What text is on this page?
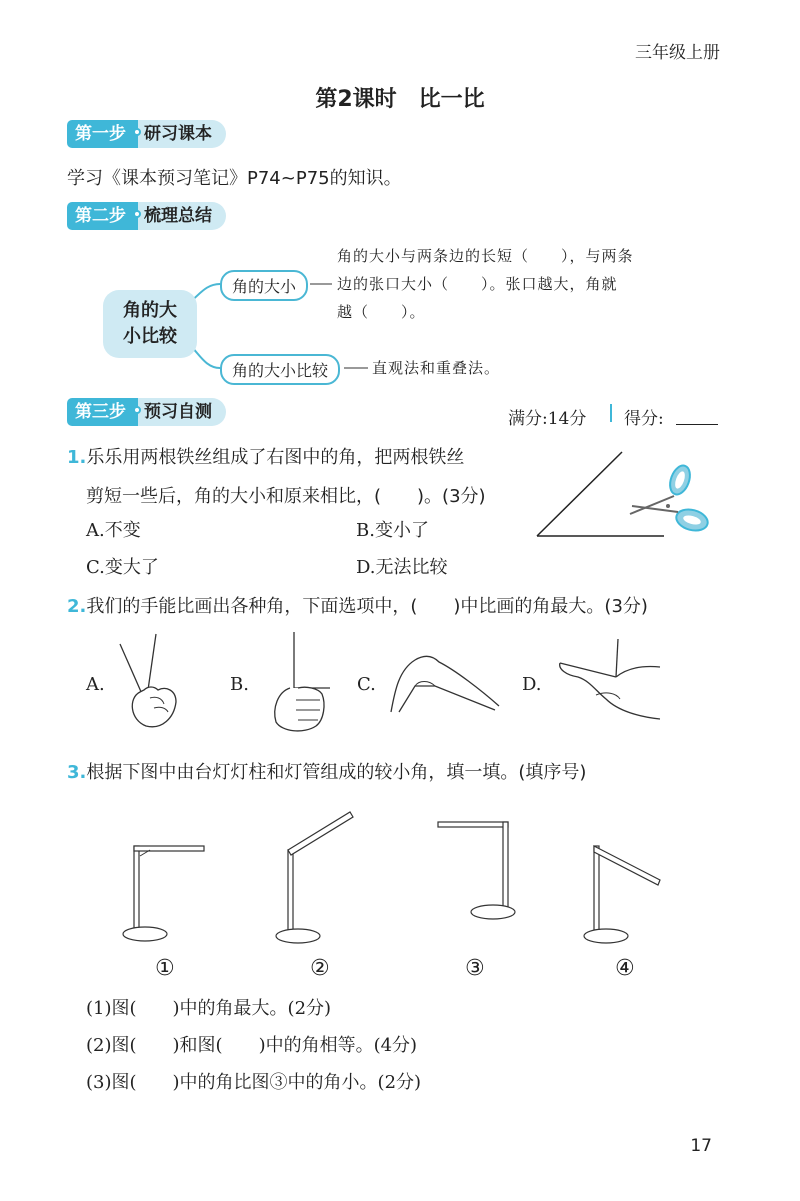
三年级上册
第2课时　比一比
第一步	研习课本
学习《课本预习笔记》P74~P75的知识。
第二步	梳理总结
角的大
小比较
角的大小
角的大小与两条边的长短（　　），与两条
边的张口大小（　　）。张口越大，角就
越（　　）。
角的大小比较	直观法和重叠法。
第三步	预习自测	满分:14分 得分:
1.乐乐用两根铁丝组成了右图中的角，把两根铁丝
剪短一些后，角的大小和原来相比，(　　)。(3分)
A.不变	B.变小了
C.变大了	D.无法比较
2.我们的手能比画出各种角，下面选项中，(　　)中比画的角最大。(3分)
A.	B.	C.	D.
3.根据下图中由台灯灯柱和灯管组成的较小角，填一填。(填序号)
①	②	③	④
(1)图(　　)中的角最大。(2分)
(2)图(　　)和图(　　)中的角相等。(4分)
(3)图(　　)中的角比图③中的角小。(2分)
17
